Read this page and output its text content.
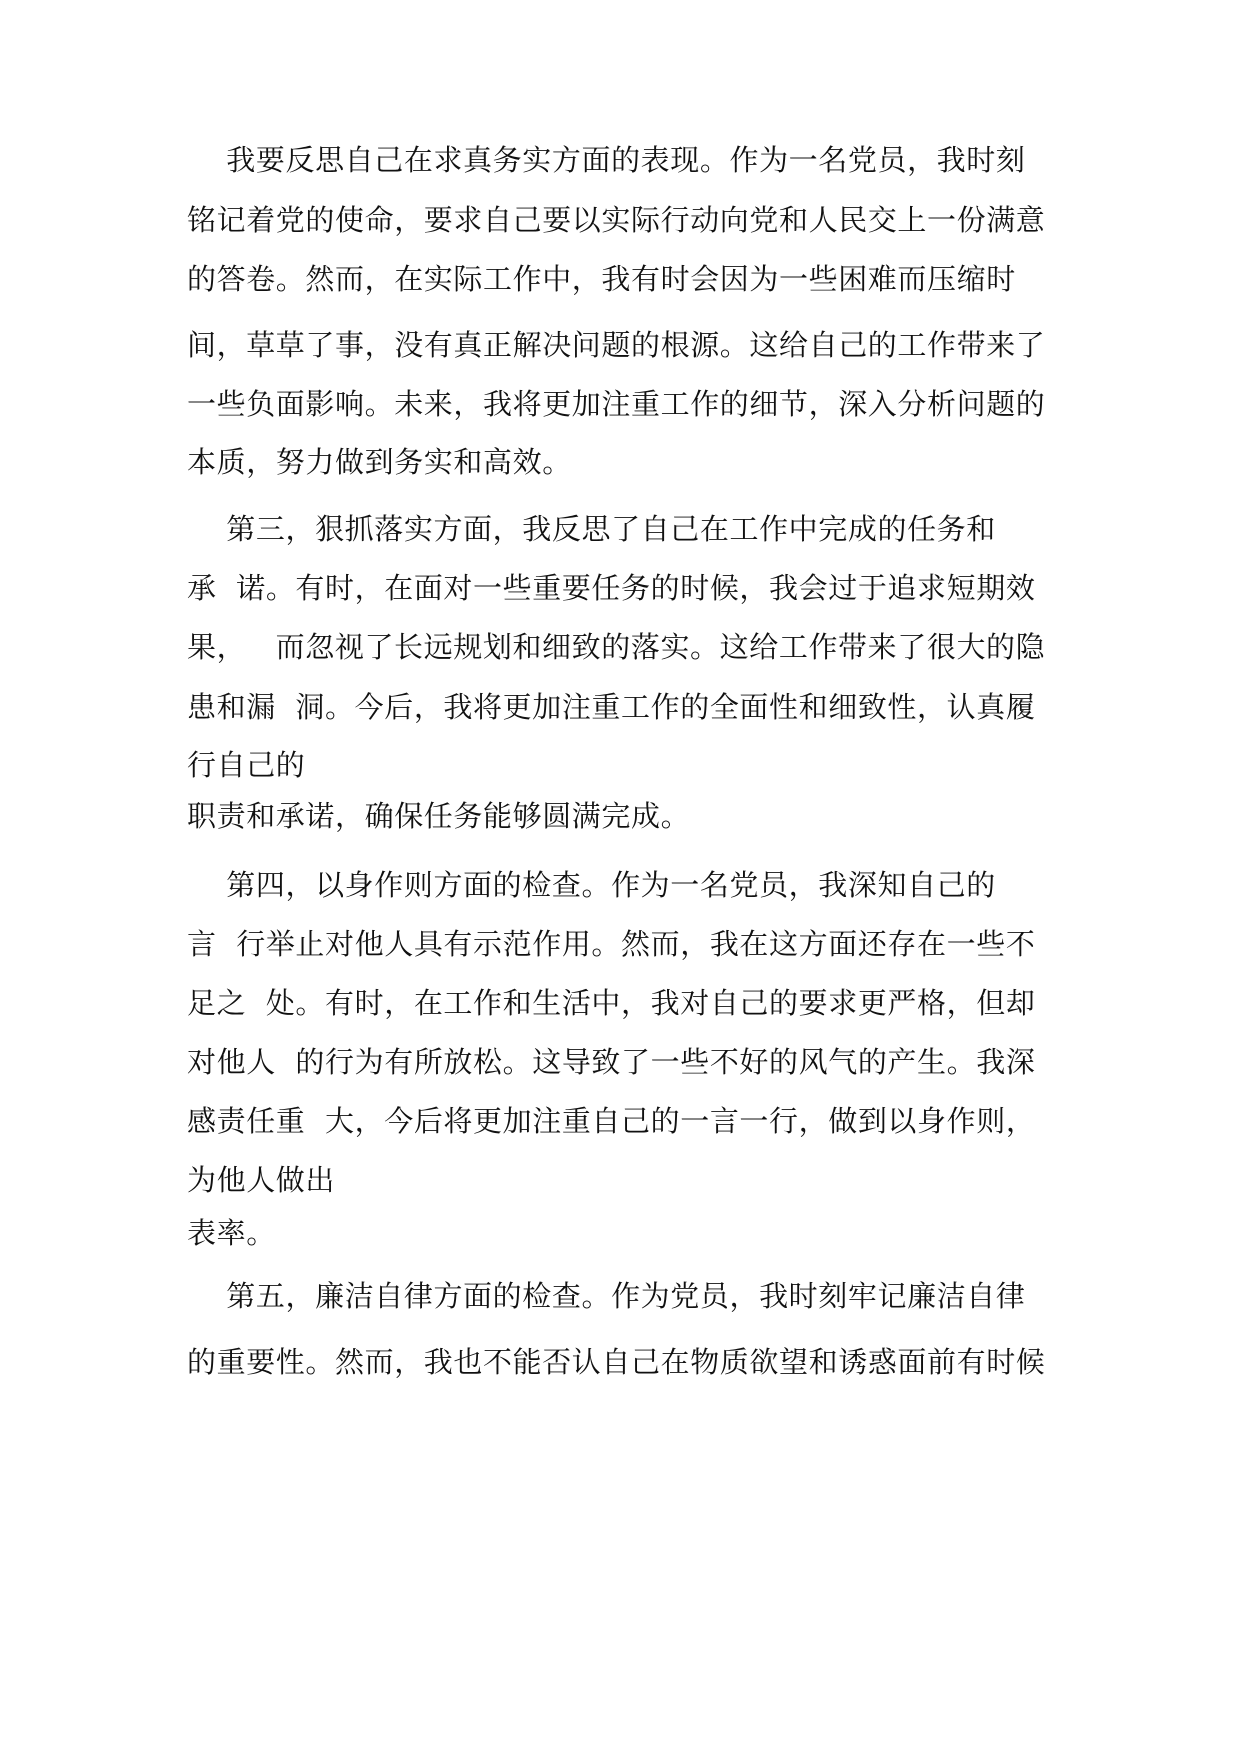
我要反思自己在求真务实方面的表现。作为一名党员，我时刻

铭记着党的使命，要求自己要以实际行动向党和人民交上一份满意

的答卷。然而，在实际工作中，我有时会因为一些困难而压缩时

间，草草了事，没有真正解决问题的根源。这给自己的工作带来了

一些负面影响。未来，我将更加注重工作的细节，深入分析问题的

本质，努力做到务实和高效。

第三，狠抓落实方面，我反思了自己在工作中完成的任务和

承  诺。有时，在面对一些重要任务的时候，我会过于追求短期效

果，   而忽视了长远规划和细致的落实。这给工作带来了很大的隐

患和漏  洞。今后，我将更加注重工作的全面性和细致性，认真履

行自己的

职责和承诺，确保任务能够圆满完成。

第四，以身作则方面的检查。作为一名党员，我深知自己的

言  行举止对他人具有示范作用。然而，我在这方面还存在一些不

足之  处。有时，在工作和生活中，我对自己的要求更严格，但却

对他人  的行为有所放松。这导致了一些不好的风气的产生。我深

感责任重  大，今后将更加注重自己的一言一行，做到以身作则，

为他人做出

表率。

第五，廉洁自律方面的检查。作为党员，我时刻牢记廉洁自律

的重要性。然而，我也不能否认自己在物质欲望和诱惑面前有时候
